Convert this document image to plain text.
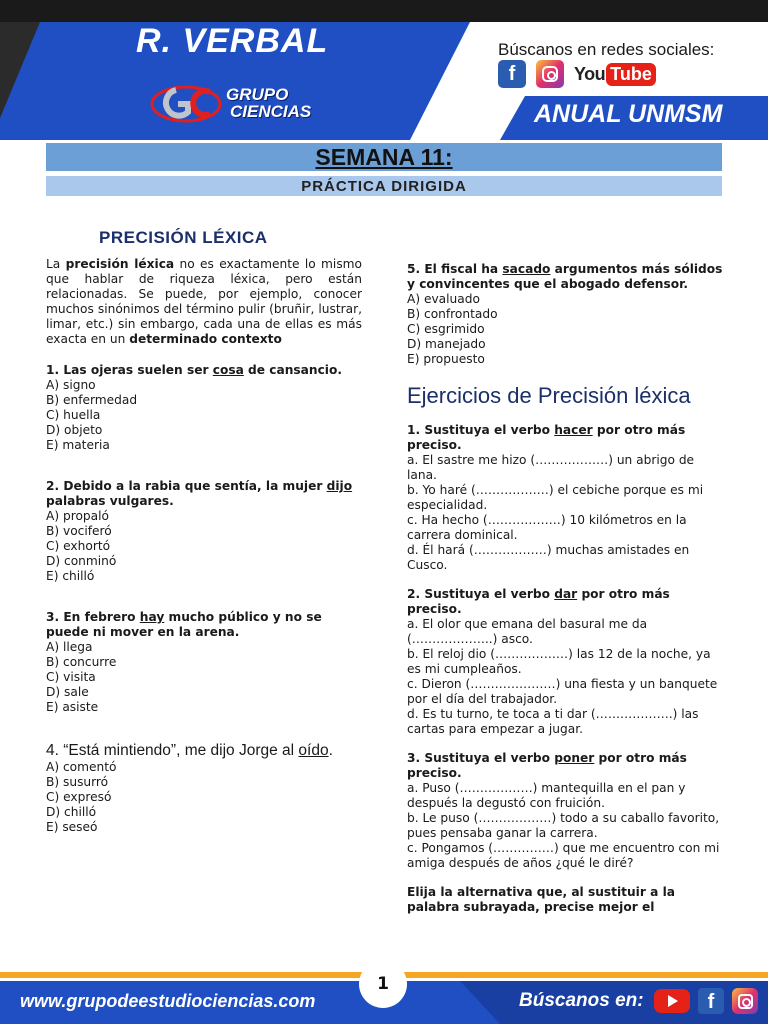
R. VERBAL
GRUPO
CIENCIAS
Búscanos en redes sociales:
f	You Tube
ANUAL UNMSM
SEMANA 11:
PRÁCTICA DIRIGIDA
PRECISIÓN LÉXICA

La precisión léxica no es exactamente lo mismo que hablar de riqueza léxica, pero están relacionadas. Se puede, por ejemplo, conocer muchos sinónimos del término pulir (bruñir, lustrar, limar, etc.) sin embargo, cada una de ellas es más exacta en un determinado contexto

1. Las ojeras suelen ser cosa de cansancio.
A) signo
B) enfermedad
C) huella
D) objeto
E) materia
2. Debido a la rabia que sentía, la mujer dijo palabras vulgares.
A) propaló
B) vociferó
C) exhortó
D) conminó
E) chilló
3. En febrero hay mucho público y no se puede ni mover en la arena.
A) llega
B) concurre
C) visita
D) sale
E) asiste
4. “Está mintiendo”, me dijo Jorge al oído.
A) comentó
B) susurró
C) expresó
D) chilló
E) seseó
5. El fiscal ha sacado argumentos más sólidos y convincentes que el abogado defensor.
A) evaluado
B) confrontado
C) esgrimido
D) manejado
E) propuesto
Ejercicios de Precisión léxica
1. Sustituya el verbo hacer por otro más preciso.
a. El sastre me hizo (………………) un abrigo de lana.
b. Yo haré (………………) el cebiche porque es mi especialidad.
c. Ha hecho (………………) 10 kilómetros en la carrera dominical.
d. Él hará (………………) muchas amistades en Cusco.
2. Sustituya el verbo dar por otro más preciso.
a. El olor que emana del basural me da (………………..) asco.
b. El reloj dio (………………) las 12 de la noche, ya es mi cumpleaños.
c. Dieron (…………………) una fiesta y un banquete por el día del trabajador.
d. Es tu turno, te toca a ti dar (……………….) las cartas para empezar a jugar.
3. Sustituya el verbo poner por otro más preciso.
a. Puso (………………) mantequilla en el pan y después la degustó con fruición.
b. Le puso (………………) todo a su caballo favorito, pues pensaba ganar la carrera.
c. Pongamos (……………) que me encuentro con mi amiga después de años ¿qué le diré?
Elija la alternativa que, al sustituir a la palabra subrayada, precise mejor el
1
www.grupodeestudiociencias.com	Búscanos en:	f
